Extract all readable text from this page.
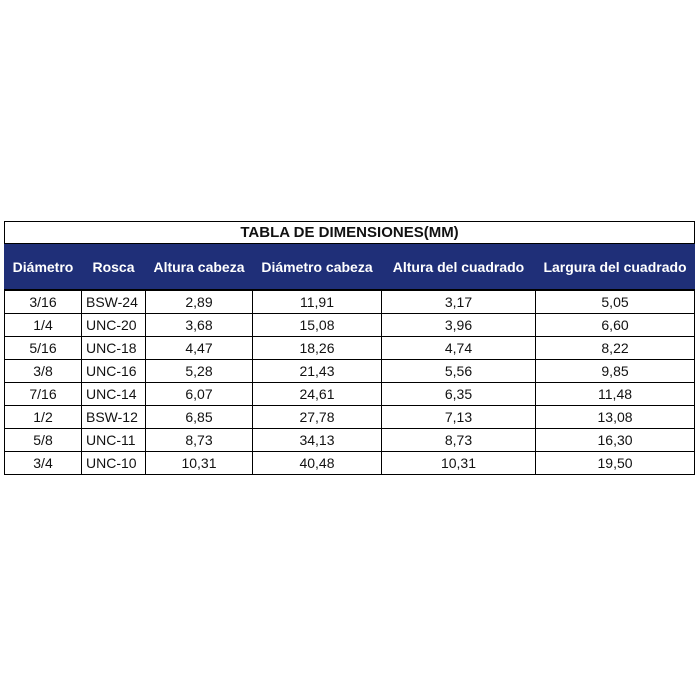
TABLA DE DIMENSIONES(MM)					
Diámetro	Rosca	Altura cabeza	Diámetro cabeza	Altura del cuadrado	Largura del cuadrado
3/16	BSW-24	2,89	11,91	3,17	5,05
1/4	UNC-20	3,68	15,08	3,96	6,60
5/16	UNC-18	4,47	18,26	4,74	8,22
3/8	UNC-16	5,28	21,43	5,56	9,85
7/16	UNC-14	6,07	24,61	6,35	11,48
1/2	BSW-12	6,85	27,78	7,13	13,08
5/8	UNC-11	8,73	34,13	8,73	16,30
3/4	UNC-10	10,31	40,48	10,31	19,50
